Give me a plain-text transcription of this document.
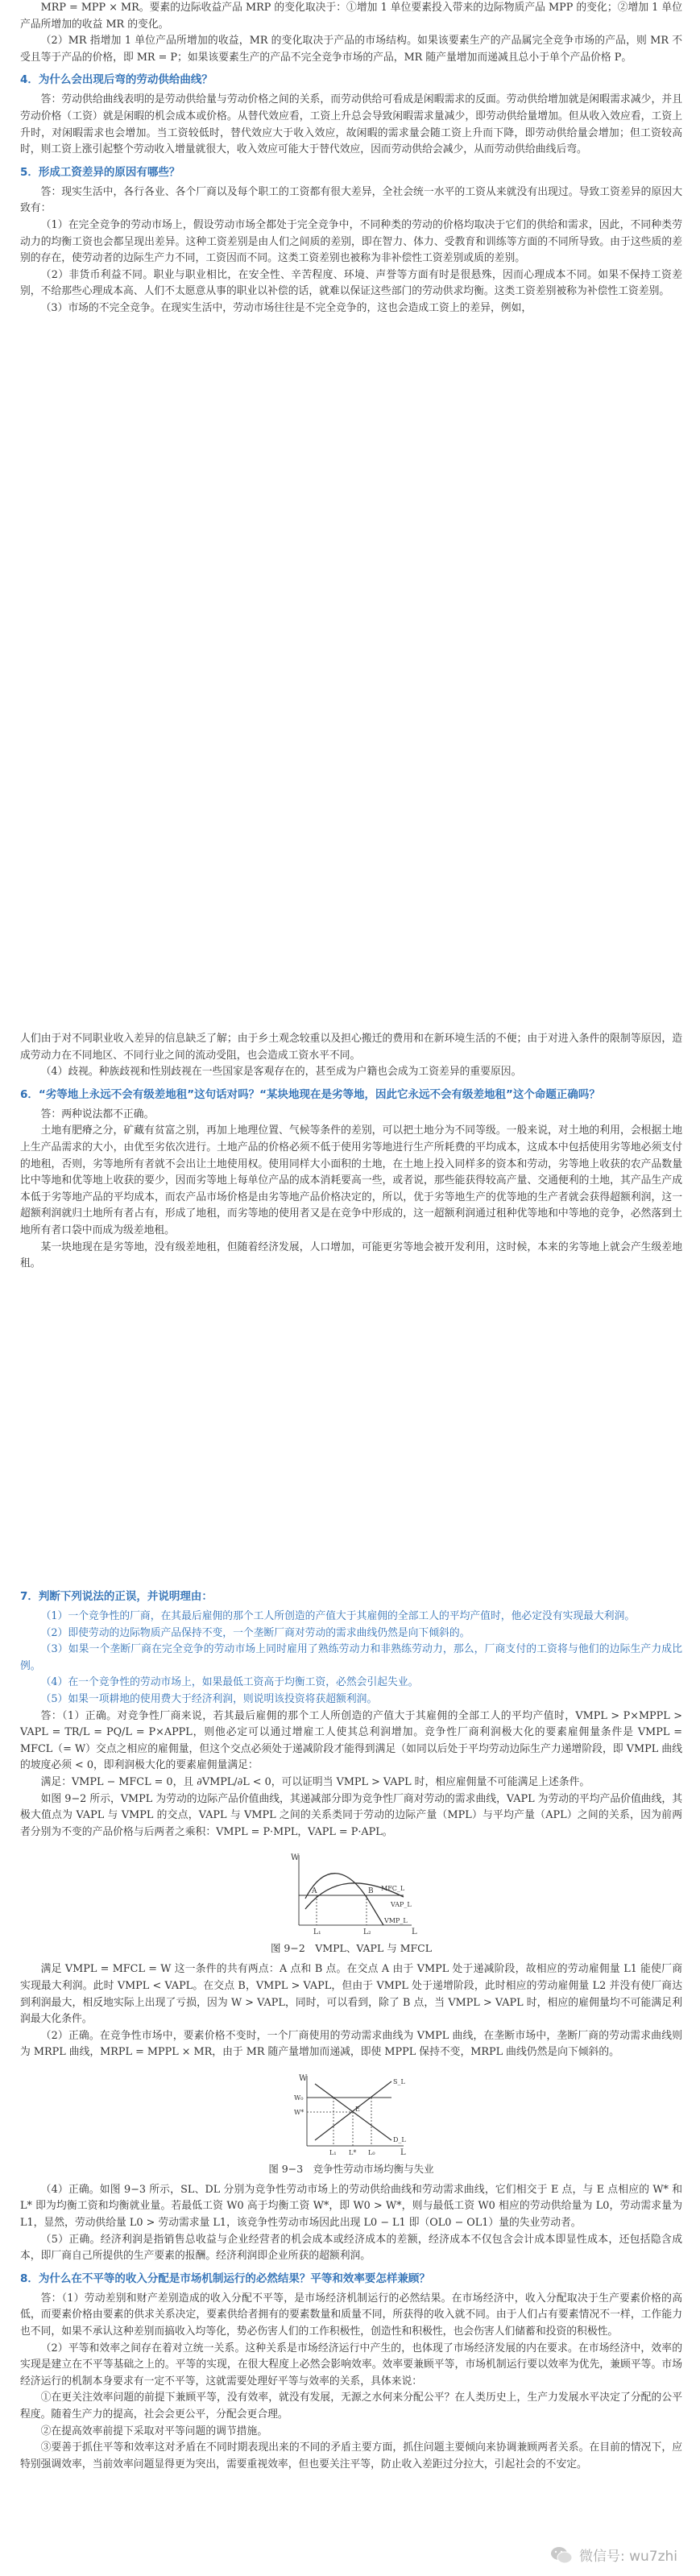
MRP = MPP × MR。要素的边际收益产品 MRP 的变化取决于：①增加 1 单位要素投入带来的边际物质产品 MPP 的变化；②增加 1 单位产品所增加的收益 MR 的变化。

（2）MR 指增加 1 单位产品所增加的收益，MR 的变化取决于产品的市场结构。如果该要素生产的产品属完全竞争市场的产品，则 MR 不受且等于产品的价格，即 MR = P；如果该要素生产的产品不完全竞争市场的产品，MR 随产量增加而递减且总小于单个产品价格 P。

4．为什么会出现后弯的劳动供给曲线？

答：劳动供给曲线表明的是劳动供给量与劳动价格之间的关系，而劳动供给可看成是闲暇需求的反面。劳动供给增加就是闲暇需求减少，并且劳动价格（工资）就是闲暇的机会成本或价格。从替代效应看，工资上升总会导致闲暇需求量减少，即劳动供给量增加。但从收入效应看，工资上升时，对闲暇需求也会增加。当工资较低时，替代效应大于收入效应，故闲暇的需求量会随工资上升而下降，即劳动供给量会增加；但工资较高时，则工资上涨引起整个劳动收入增量就很大，收入效应可能大于替代效应，因而劳动供给会减少，从而劳动供给曲线后弯。

5．形成工资差异的原因有哪些？

答：现实生活中，各行各业、各个厂商以及每个职工的工资都有很大差异，全社会统一水平的工资从来就没有出现过。导致工资差异的原因大致有：

（1）在完全竞争的劳动市场上，假设劳动市场全都处于完全竞争中，不同种类的劳动的价格均取决于它们的供给和需求，因此，不同种类劳动力的均衡工资也会都呈现出差异。这种工资差别是由人们之间质的差别，即在智力、体力、受教育和训练等方面的不同所导致。由于这些质的差别的存在，使劳动者的边际生产力不同，工资因而不同。这类工资差别也被称为非补偿性工资差别或质的差别。

（2）非货币利益不同。职业与职业相比，在安全性、辛苦程度、环境、声誉等方面有时是很悬殊，因而心理成本不同。如果不保持工资差别，不给那些心理成本高、人们不太愿意从事的职业以补偿的话，就难以保证这些部门的劳动供求均衡。这类工资差别被称为补偿性工资差别。

（3）市场的不完全竞争。在现实生活中，劳动市场往往是不完全竞争的，这也会造成工资上的差异，例如，

人们由于对不同职业收入差异的信息缺乏了解；由于乡土观念较重以及担心搬迁的费用和在新环境生活的不便；由于对进入条件的限制等原因，造成劳动力在不同地区、不同行业之间的流动受阻，也会造成工资水平不同。

（4）歧视。种族歧视和性别歧视在一些国家是客观存在的，甚至成为户籍也会成为工资差异的重要原因。

6．“劣等地上永远不会有级差地租”这句话对吗？“某块地现在是劣等地，因此它永远不会有级差地租”这个命题正确吗？

答：两种说法都不正确。

土地有肥瘠之分，矿藏有贫富之别，再加上地理位置、气候等条件的差别，可以把土地分为不同等级。一般来说，对土地的利用，会根据土地上生产品需求的大小，由优至劣依次进行。土地产品的价格必须不低于使用劣等地进行生产所耗费的平均成本，这成本中包括使用劣等地必须支付的地租，否则，劣等地所有者就不会出让土地使用权。使用同样大小面积的土地，在土地上投入同样多的资本和劳动，劣等地上收获的农产品数量比中等地和优等地上收获的要少，因而劣等地上每单位产品的成本消耗要高一些，或者说，那些能获得较高产量、交通便利的土地，其产品生产成本低于劣等地产品的平均成本，而农产品市场价格是由劣等地产品价格决定的，所以，优于劣等地生产的优等地的生产者就会获得超额利润，这一超额利润就归土地所有者占有，形成了地租，而劣等地的使用者又是在竞争中形成的，这一超额利润通过租种优等地和中等地的竞争，必然落到土地所有者口袋中而成为级差地租。

某一块地现在是劣等地，没有级差地租，但随着经济发展，人口增加，可能更劣等地会被开发利用，这时候，本来的劣等地上就会产生级差地租。

7．判断下列说法的正误，并说明理由：

（1）一个竞争性的厂商，在其最后雇佣的那个工人所创造的产值大于其雇佣的全部工人的平均产值时，他必定没有实现最大利润。

（2）即使劳动的边际物质产品保持不变，一个垄断厂商对劳动的需求曲线仍然是向下倾斜的。

（3）如果一个垄断厂商在完全竞争的劳动市场上同时雇用了熟练劳动力和非熟练劳动力，那么，厂商支付的工资将与他们的边际生产力成比例。

（4）在一个竞争性的劳动市场上，如果最低工资高于均衡工资，必然会引起失业。

（5）如果一项耕地的使用费大于经济利润，则说明该投资将获超额利润。

答：（1）正确。对竞争性厂商来说，若其最后雇佣的那个工人所创造的产值大于其雇佣的全部工人的平均产值时，VMPL > P×MPPL > VAPL = TR/L = PQ/L = P×APPL，则他必定可以通过增雇工人使其总利润增加。竞争性厂商利润极大化的要素雇佣量条件是 VMPL = MFCL（= W）交点之相应的雇佣量，但这个交点必须处于递减阶段才能得到满足（如同以后处于平均劳动边际生产力递增阶段，即 VMPL 曲线的坡度必须 < 0，即利润极大化的要素雇佣量满足：

满足：VMPL − MFCL = 0，且 ∂VMPL/∂L < 0，可以证明当 VMPL > VAPL 时，相应雇佣量不可能满足上述条件。

如图 9−2 所示，VMPL 为劳动的边际产品价值曲线，其递减部分即为竞争性厂商对劳动的需求曲线，VAPL 为劳动的平均产品价值曲线，其极大值点为 VAPL 与 VMPL 的交点，VAPL 与 VMPL 之间的关系类同于劳动的边际产量（MPL）与平均产量（APL）之间的关系，因为前两者分别为不变的产品价格与后两者之乘积：VMPL = P·MPL，VAPL = P·APL。

W
L
A	B
L₁	L₂
MFC_L
VMP_L
VAP_L
图 9−2　VMPL、VAPL 与 MFCL

满足 VMPL = MFCL = W 这一条件的共有两点：A 点和 B 点。在交点 A 由于 VMPL 处于递减阶段，故相应的劳动雇佣量 L1 能使厂商实现最大利润。此时 VMPL < VAPL。在交点 B，VMPL > VAPL，但由于 VMPL 处于递增阶段，此时相应的劳动雇佣量 L2 并没有使厂商达到利润最大，相反地实际上出现了亏损，因为 W > VAPL，同时，可以看到，除了 B 点，当 VMPL > VAPL 时，相应的雇佣量均不可能满足利润最大化条件。

（2）正确。在竞争性市场中，要素价格不变时，一个厂商使用的劳动需求曲线为 VMPL 曲线，在垄断市场中，垄断厂商的劳动需求曲线则为 MRPL 曲线，MRPL = MPPL × MR，由于 MR 随产量增加而递减，即使 MPPL 保持不变，MRPL 曲线仍然是向下倾斜的。

W
L
W₀
W*	E
S_L
D_L
L₁ L* L₀
图 9−3　竞争性劳动市场均衡与失业

（4）正确。如图 9−3 所示，SL、DL 分别为竞争性劳动市场上的劳动供给曲线和劳动需求曲线，它们相交于 E 点，与 E 点相应的 W* 和 L* 即为均衡工资和均衡就业量。若最低工资 W0 高于均衡工资 W*，即 W0 > W*，则与最低工资 W0 相应的劳动供给量为 L0，劳动需求量为 L1，显然，劳动供给量 L0 > 劳动需求量 L1，该竞争性劳动市场因此出现 L0 − L1 即（OL0 − OL1）量的失业劳动者。

（5）正确。经济利润是指销售总收益与企业经营者的机会成本或经济成本的差额，经济成本不仅包含会计成本即显性成本，还包括隐含成本，即厂商自己所提供的生产要素的报酬。经济利润即企业所获的超额利润。

8．为什么在不平等的收入分配是市场机制运行的必然结果？平等和效率要怎样兼顾？

答：（1）劳动差别和财产差别造成的收入分配不平等，是市场经济机制运行的必然结果。在市场经济中，收入分配取决于生产要素价格的高低，而要素价格由要素的供求关系决定，要素供给者拥有的要素数量和质量不同，所获得的收入就不同。由于人们占有要素情况不一样，工作能力也不同，如果不承认这种差别而搞收入均等化，势必伤害人们的工作积极性，创造性和积极性，也会伤害人们储蓄和投资的积极性。

（2）平等和效率之间存在着对立统一关系。这种关系是市场经济运行中产生的，也体现了市场经济发展的内在要求。在市场经济中，效率的实现是建立在不平等基础之上的。平等的实现，在很大程度上必然会影响效率。效率要兼顾平等，市场机制运行要以效率为优先，兼顾平等。市场经济运行的机制本身要求有一定不平等，这就需要处理好平等与效率的关系，具体来说：

①在更关注效率问题的前提下兼顾平等，没有效率，就没有发展，无源之水何来分配公平？在人类历史上，生产力发展水平决定了分配的公平程度。随着生产力的提高，社会会更公平，分配会更合理。

②在提高效率前提下采取对平等问题的调节措施。

③要善于抓住平等和效率这对矛盾在不同时期表现出来的不同的矛盾主要方面，抓住问题主要倾向来协调兼顾两者关系。在目前的情况下，应特别强调效率，当前效率问题显得更为突出，需要重视效率，但也要关注平等，防止收入差距过分拉大，引起社会的不安定。

微信号: wu7zhi
